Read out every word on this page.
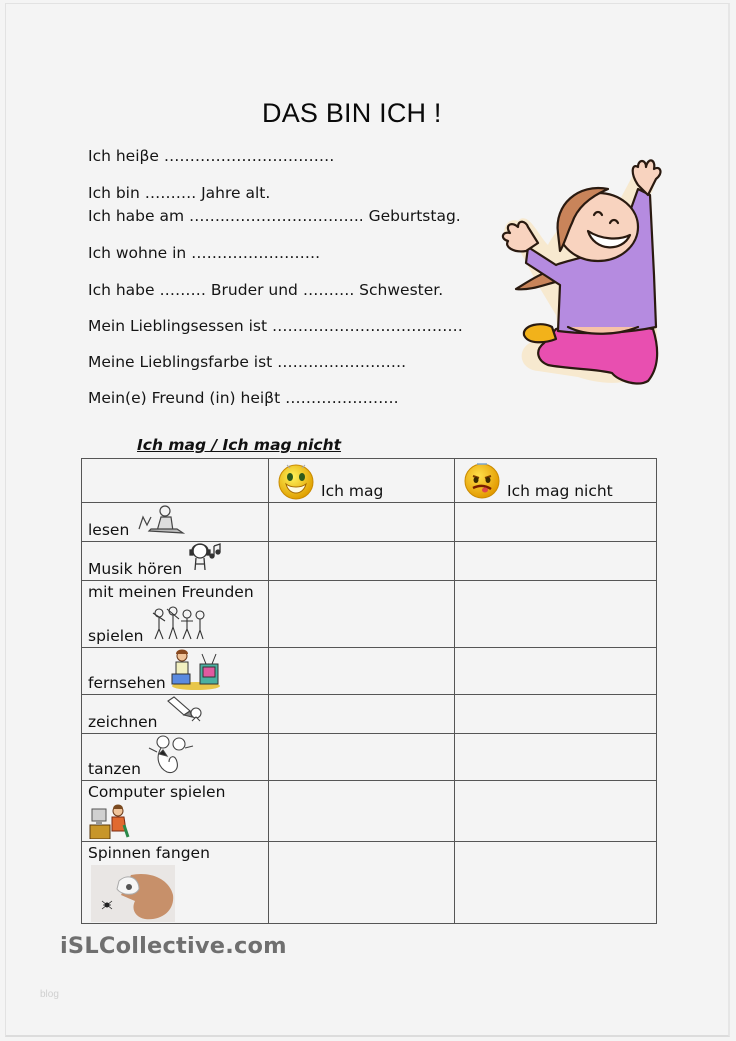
DAS BIN ICH !
Ich heiβe ……………………………
Ich bin ………. Jahre alt.
Ich habe am ……..…………………….. Geburtstag.
Ich wohne in …………………….
Ich habe ……… Bruder und ………. Schwester.
Mein Lieblingsessen ist ………………….……………
Meine Lieblingsfarbe ist …………………….
Mein(e) Freund (in) heiβt ………………….
Ich mag / Ich mag nicht

	Ich mag	Ich mag nicht

lesen		

Musik hören		

mit meinen Freunden
spielen		

fernsehen		

zeichnen		

tanzen		

Computer spielen		

Spinnen fangen		

iSLCollective.com
blog
